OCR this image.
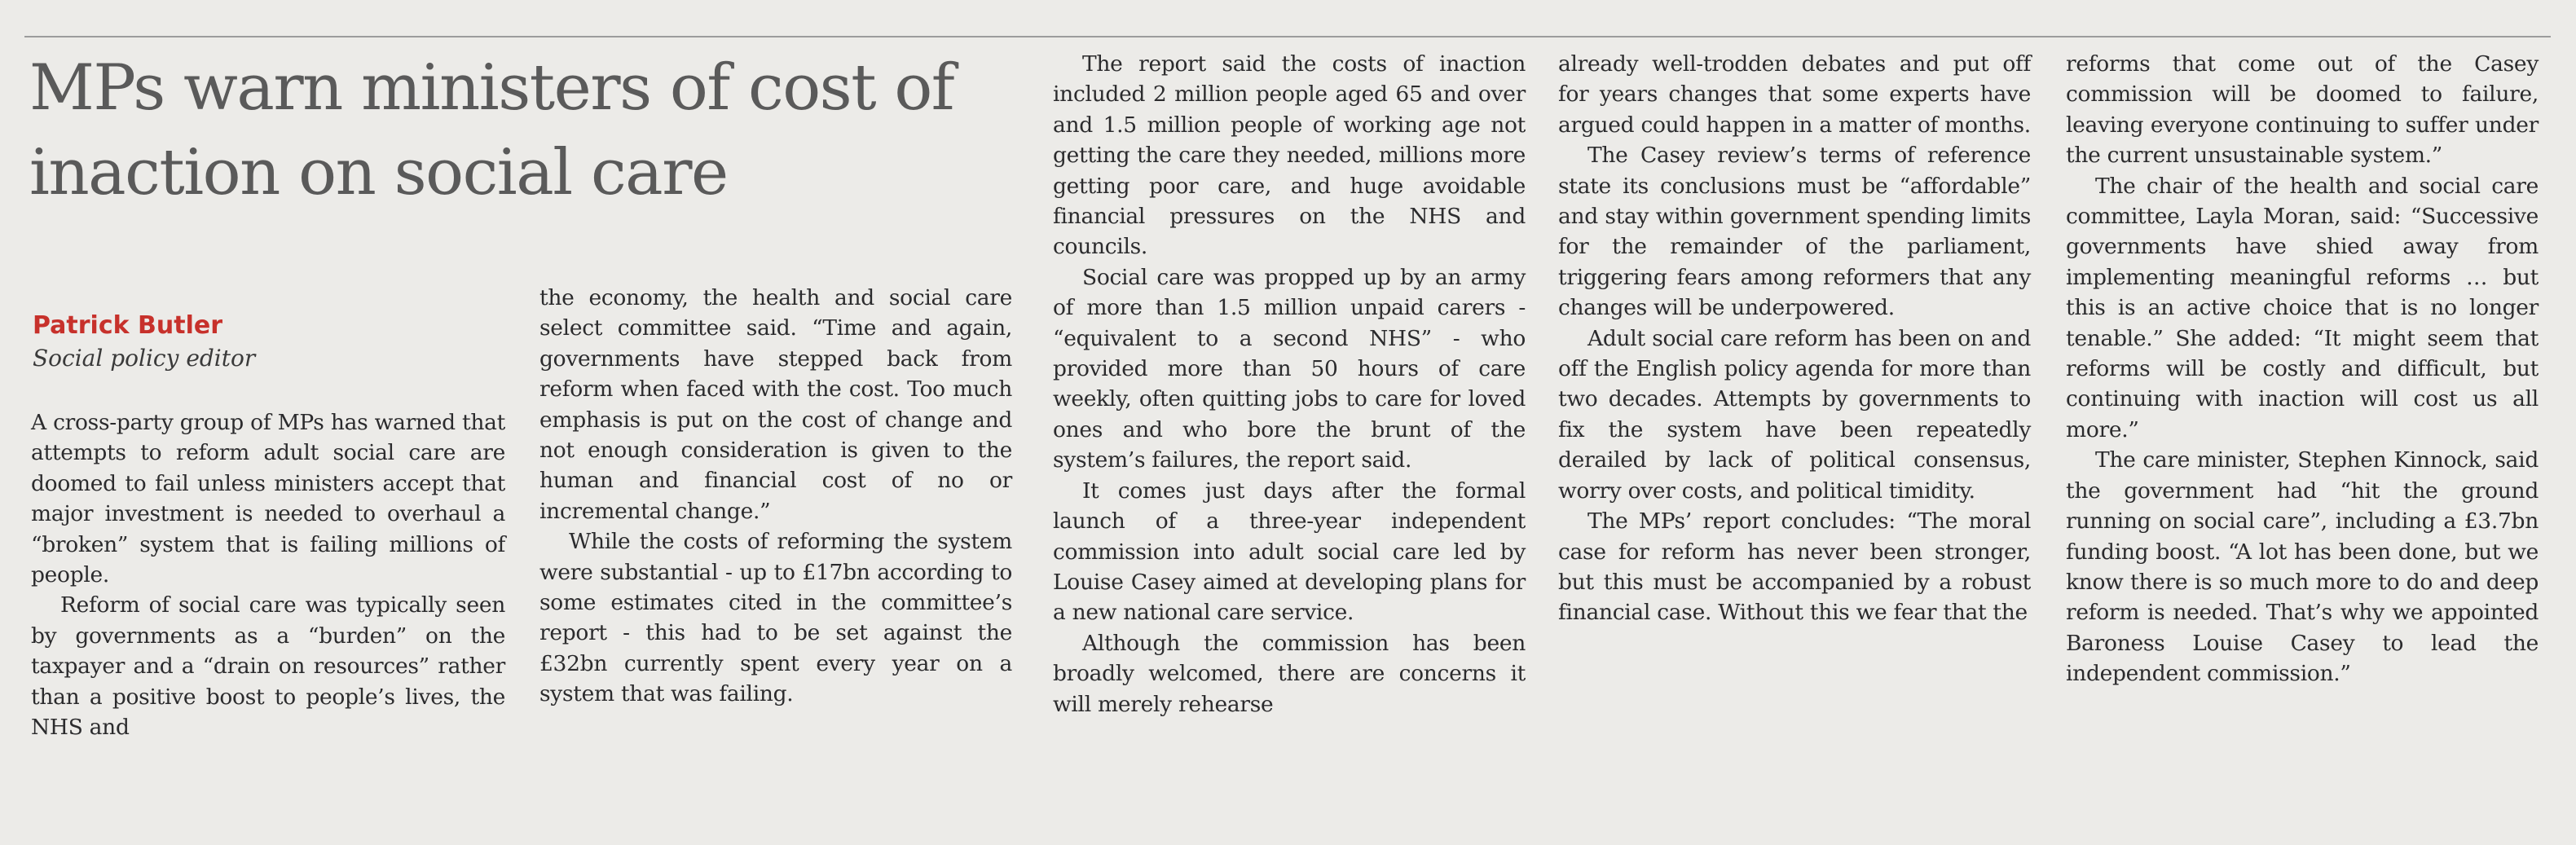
MPs warn ministers of cost of inaction on social care
Patrick Butler
Social policy editor

A cross-party group of MPs has warned that attempts to reform adult social care are doomed to fail unless ministers accept that major investment is needed to overhaul a “broken” system that is failing millions of people.

Reform of social care was typically seen by governments as a “burden” on the taxpayer and a “drain on resources” rather than a positive boost to people’s lives, the NHS and

the economy, the health and social care select committee said. “Time and again, governments have stepped back from reform when faced with the cost. Too much emphasis is put on the cost of change and not enough consideration is given to the human and financial cost of no or incremental change.”

While the costs of reforming the system were substantial - up to £17bn according to some estimates cited in the committee’s report - this had to be set against the £32bn currently spent every year on a system that was failing.

The report said the costs of inaction included 2 million people aged 65 and over and 1.5 million people of working age not getting the care they needed, millions more getting poor care, and huge avoidable financial pressures on the NHS and councils.

Social care was propped up by an army of more than 1.5 million unpaid carers - “equivalent to a second NHS” - who provided more than 50 hours of care weekly, often quitting jobs to care for loved ones and who bore the brunt of the system’s failures, the report said.

It comes just days after the formal launch of a three-year independent commission into adult social care led by Louise Casey aimed at developing plans for a new national care service.

Although the commission has been broadly welcomed, there are concerns it will merely rehearse

already well-trodden debates and put off for years changes that some experts have argued could happen in a matter of months.

The Casey review’s terms of reference state its conclusions must be “affordable” and stay within government spending limits for the remainder of the parliament, triggering fears among reformers that any changes will be underpowered.

Adult social care reform has been on and off the English policy agenda for more than two decades. Attempts by governments to fix the system have been repeatedly derailed by lack of political consensus, worry over costs, and political timidity.

The MPs’ report concludes: “The moral case for reform has never been stronger, but this must be accompanied by a robust financial case. Without this we fear that the

reforms that come out of the Casey commission will be doomed to failure, leaving everyone continuing to suffer under the current unsustainable system.”

The chair of the health and social care committee, Layla Moran, said: “Successive governments have shied away from implementing meaningful reforms … but this is an active choice that is no longer tenable.” She added: “It might seem that reforms will be costly and difficult, but continuing with inaction will cost us all more.”

The care minister, Stephen Kinnock, said the government had “hit the ground running on social care”, including a £3.7bn funding boost. “A lot has been done, but we know there is so much more to do and deep reform is needed. That’s why we appointed Baroness Louise Casey to lead the independent commission.”
